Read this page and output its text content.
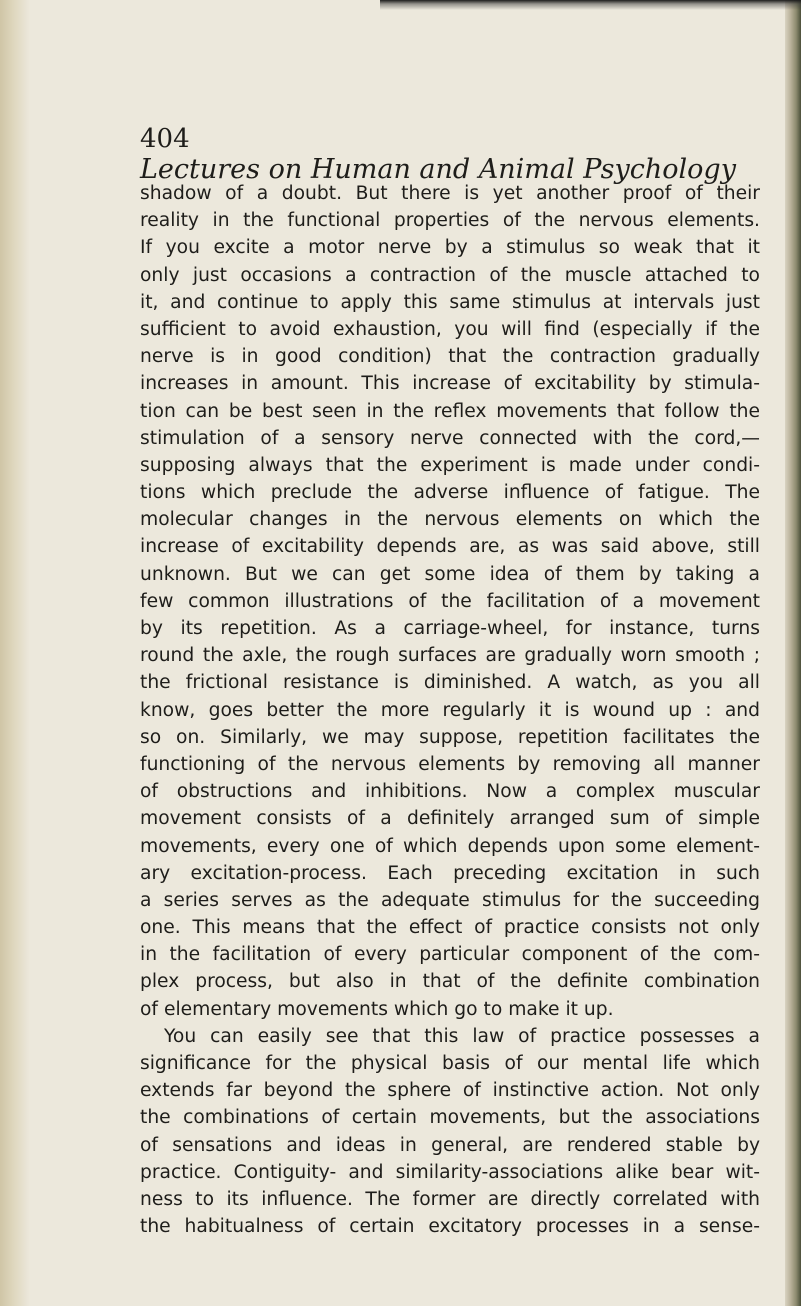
404 Lectures on Human and Animal Psychology
shadow of a doubt. But there is yet another proof of their
reality in the functional properties of the nervous elements.
If you excite a motor nerve by a stimulus so weak that it
only just occasions a contraction of the muscle attached to
it, and continue to apply this same stimulus at intervals just
sufficient to avoid exhaustion, you will find (especially if the
nerve is in good condition) that the contraction gradually
increases in amount. This increase of excitability by stimula-
tion can be best seen in the reflex movements that follow the
stimulation of a sensory nerve connected with the cord,—
supposing always that the experiment is made under condi-
tions which preclude the adverse influence of fatigue. The
molecular changes in the nervous elements on which the
increase of excitability depends are, as was said above, still
unknown. But we can get some idea of them by taking a
few common illustrations of the facilitation of a movement
by its repetition. As a carriage-wheel, for instance, turns
round the axle, the rough surfaces are gradually worn smooth ;
the frictional resistance is diminished. A watch, as you all
know, goes better the more regularly it is wound up : and
so on. Similarly, we may suppose, repetition facilitates the
functioning of the nervous elements by removing all manner
of obstructions and inhibitions. Now a complex muscular
movement consists of a definitely arranged sum of simple
movements, every one of which depends upon some element-
ary excitation-process. Each preceding excitation in such
a series serves as the adequate stimulus for the succeeding
one. This means that the effect of practice consists not only
in the facilitation of every particular component of the com-
plex process, but also in that of the definite combination
of elementary movements which go to make it up.
You can easily see that this law of practice possesses a
significance for the physical basis of our mental life which
extends far beyond the sphere of instinctive action. Not only
the combinations of certain movements, but the associations
of sensations and ideas in general, are rendered stable by
practice. Contiguity- and similarity-associations alike bear wit-
ness to its influence. The former are directly correlated with
the habitualness of certain excitatory processes in a sense-
